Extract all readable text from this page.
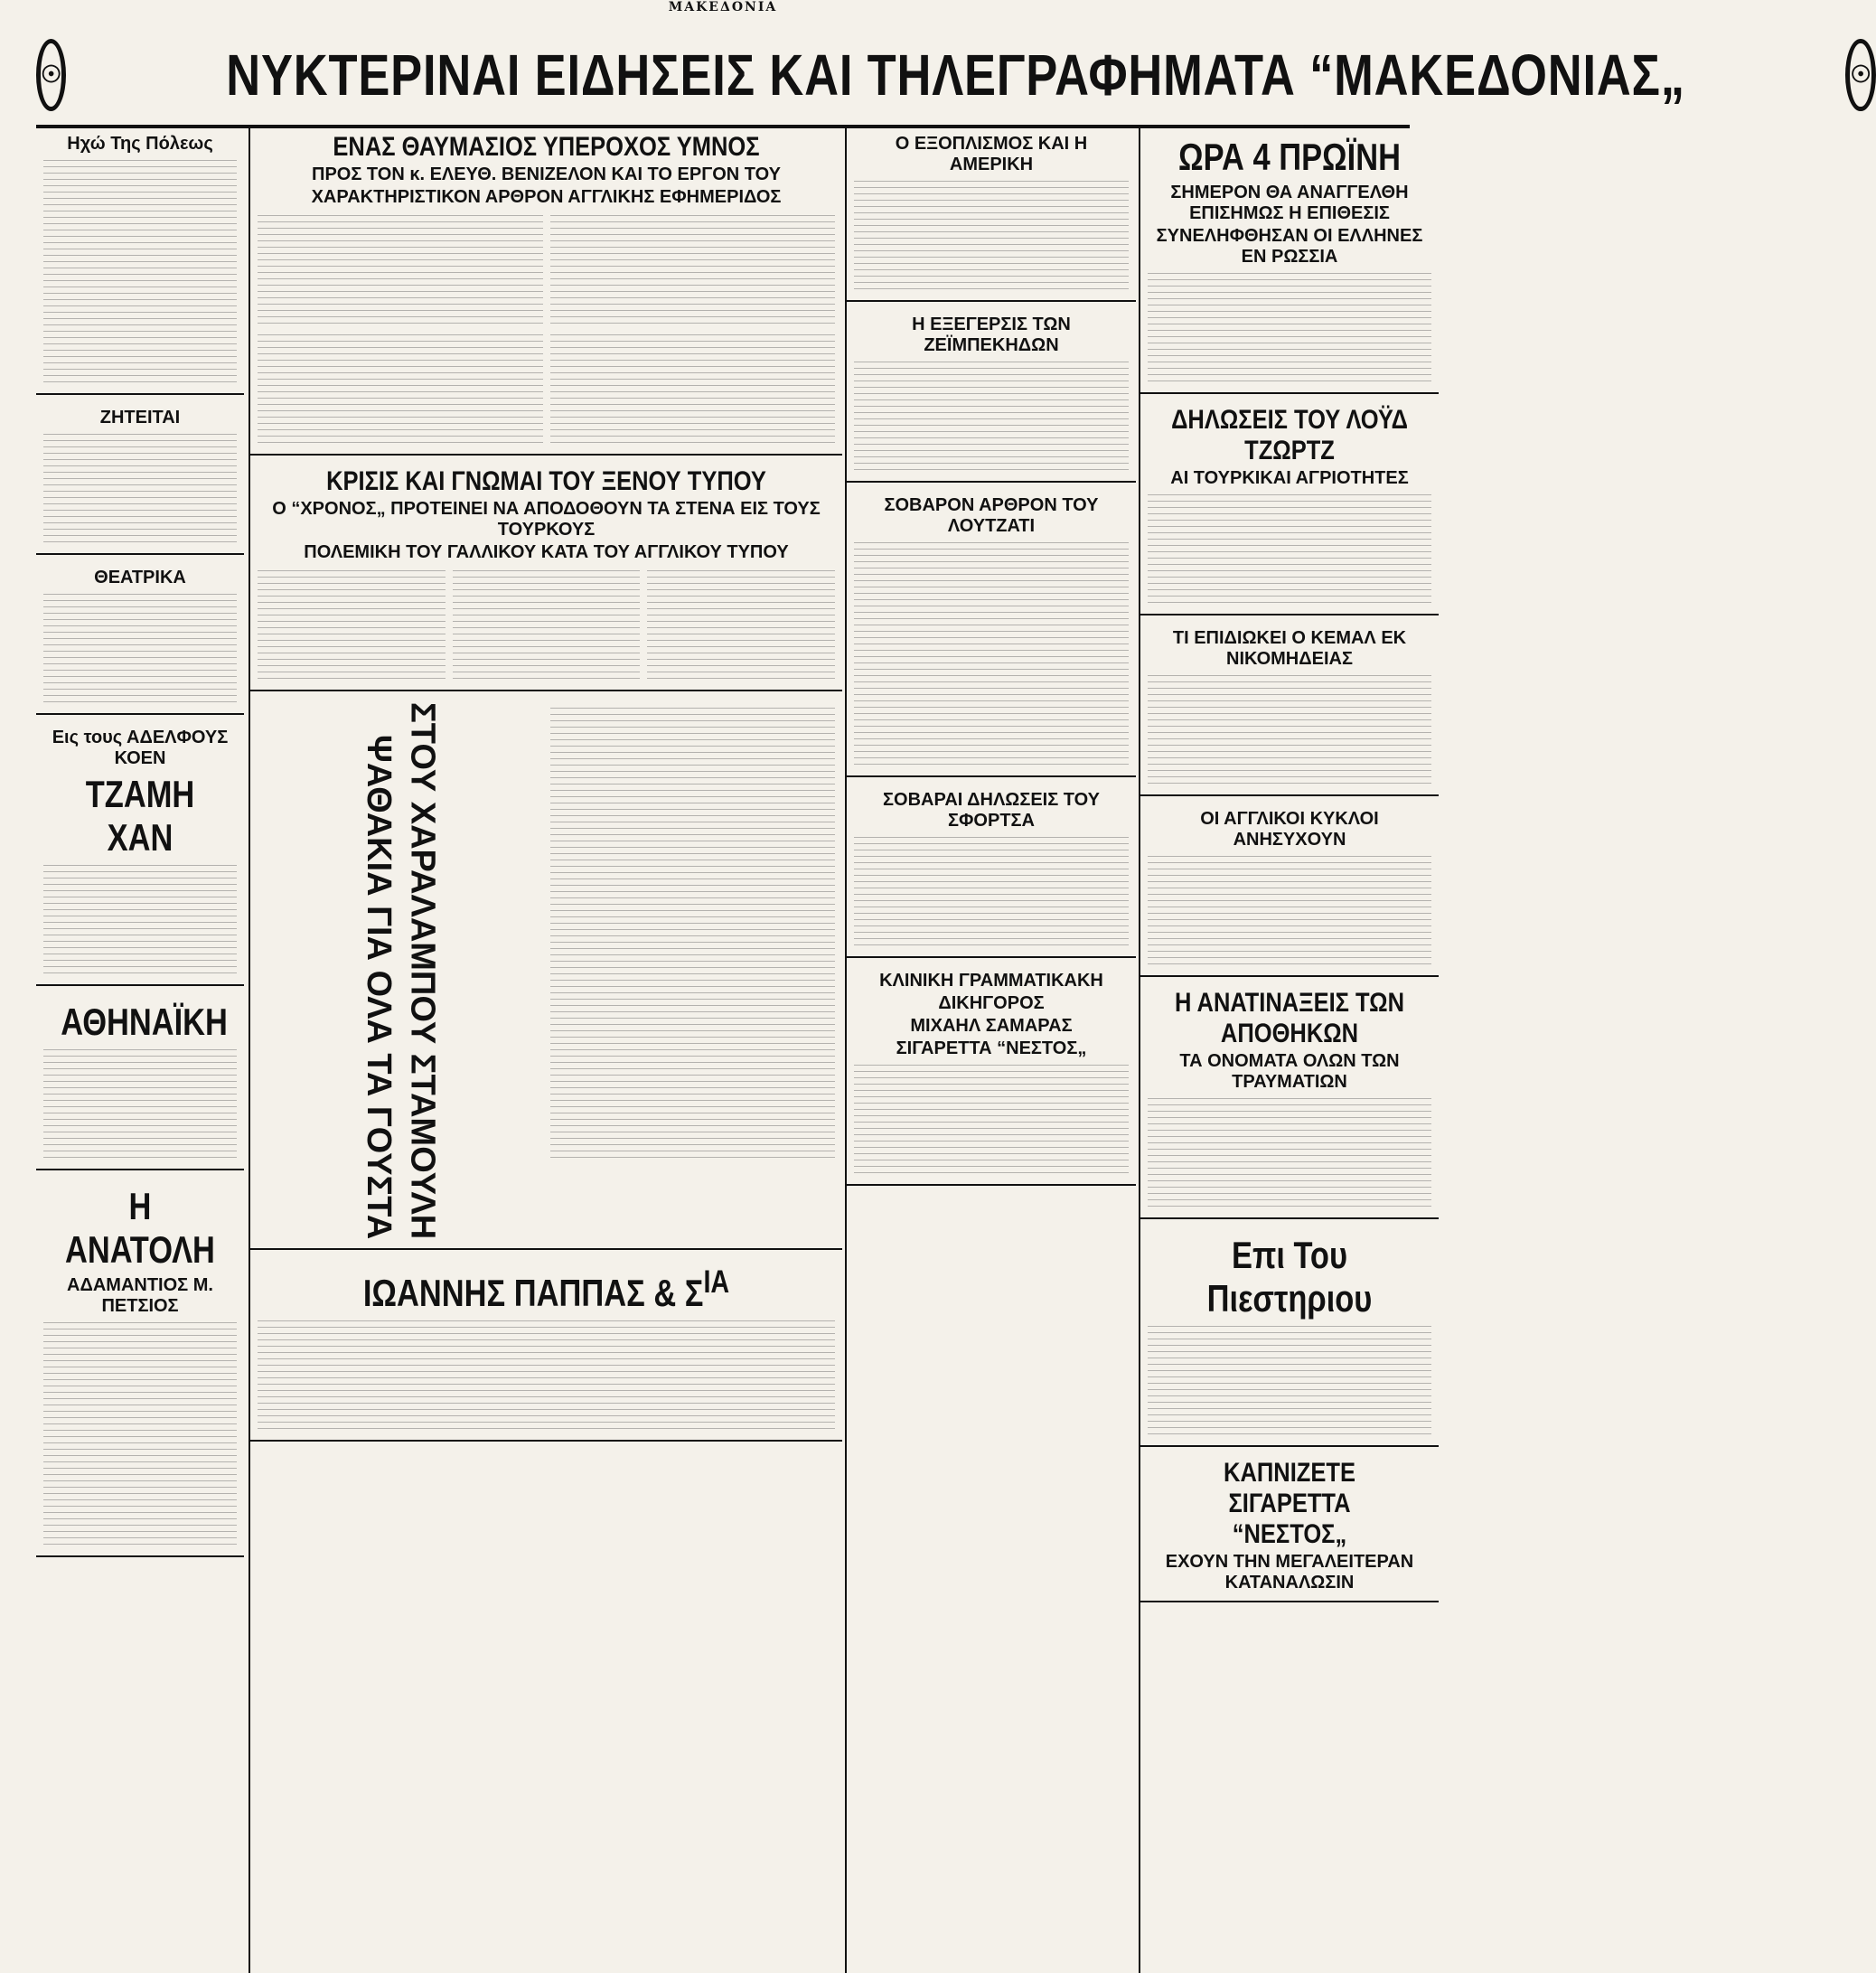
ΜΑΚΕΔΟΝΙΑ
☉	ΝΥΚΤΕΡΙΝΑΙ ΕΙΔΗΣΕΙΣ ΚΑΙ ΤΗΛΕΓΡΑΦΗΜΑΤΑ “ΜΑΚΕΔΟΝΙΑΣ„	☉
Ηχώ Της Πόλεως
ΖΗΤΕΙΤΑΙ
ΘΕΑΤΡΙΚΑ
Εις τους ΑΔΕΛΦΟΥΣ ΚΟΕΝ
ΤΖΑΜΗ ΧΑΝ
ΑΘΗΝΑΪΚΗ
Η ΑΝΑΤΟΛΗ
ΑΔΑΜΑΝΤΙΟΣ Μ. ΠΕΤΣΙΟΣ
ΕΝΑΣ ΘΑΥΜΑΣΙΟΣ ΥΠΕΡΟΧΟΣ ΥΜΝΟΣ
ΠΡΟΣ ΤΟΝ κ. ΕΛΕΥΘ. ΒΕΝΙΖΕΛΟΝ ΚΑΙ ΤΟ ΕΡΓΟΝ ΤΟΥ
ΧΑΡΑΚΤΗΡΙΣΤΙΚΟΝ ΑΡΘΡΟΝ ΑΓΓΛΙΚΗΣ ΕΦΗΜΕΡΙΔΟΣ
ΚΡΙΣΙΣ ΚΑΙ ΓΝΩΜΑΙ ΤΟΥ ΞΕΝΟΥ ΤΥΠΟΥ
Ο “ΧΡΟΝΟΣ„ ΠΡΟΤΕΙΝΕΙ ΝΑ ΑΠΟΔΟΘΟΥΝ ΤΑ ΣΤΕΝΑ ΕΙΣ ΤΟΥΣ ΤΟΥΡΚΟΥΣ
ΠΟΛΕΜΙΚΗ ΤΟΥ ΓΑΛΛΙΚΟΥ ΚΑΤΑ ΤΟΥ ΑΓΓΛΙΚΟΥ ΤΥΠΟΥ
ΨΑΘΑΚΙΑ ΓΙΑ ΟΛΑ ΤΑ ΓΟΥΣΤΑ ΣΤΟΥ ΧΑΡΑΛΑΜΠΟΥ ΣΤΑΜΟΥΛΗ
ΙΩΑΝΝΗΣ ΠΑΠΠΑΣ & $\Sigma^{IA}$
Ο ΕΞΟΠΛΙΣΜΟΣ ΚΑΙ Η ΑΜΕΡΙΚΗ
Η ΕΞΕΓΕΡΣΙΣ ΤΩΝ ΖΕΪΜΠΕΚΗΔΩΝ
ΣΟΒΑΡΟΝ ΑΡΘΡΟΝ ΤΟΥ ΛΟΥΤΖΑΤΙ
ΣΟΒΑΡΑΙ ΔΗΛΩΣΕΙΣ ΤΟΥ ΣΦΟΡΤΣΑ
ΚΛΙΝΙΚΗ ΓΡΑΜΜΑΤΙΚΑΚΗ
ΔΙΚΗΓΟΡΟΣ
ΜΙΧΑΗΛ ΣΑΜΑΡΑΣ
ΣΙΓΑΡΕΤΤΑ “ΝΕΣΤΟΣ„
ΩΡΑ 4 ΠΡΩΪΝΗ
ΣΗΜΕΡΟΝ ΘΑ ΑΝΑΓΓΕΛΘΗ ΕΠΙΣΗΜΩΣ Η ΕΠΙΘΕΣΙΣ
ΣΥΝΕΛΗΦΘΗΣΑΝ ΟΙ ΕΛΛΗΝΕΣ ΕΝ ΡΩΣΣΙΑ
ΔΗΛΩΣΕΙΣ ΤΟΥ ΛΟΫΔ ΤΖΩΡΤΖ
ΑΙ ΤΟΥΡΚΙΚΑΙ ΑΓΡΙΟΤΗΤΕΣ
ΤΙ ΕΠΙΔΙΩΚΕΙ Ο ΚΕΜΑΛ ΕΚ ΝΙΚΟΜΗΔΕΙΑΣ
ΟΙ ΑΓΓΛΙΚΟΙ ΚΥΚΛΟΙ ΑΝΗΣΥΧΟΥΝ
Η ΑΝΑΤΙΝΑΞΕΙΣ ΤΩΝ ΑΠΟΘΗΚΩΝ
ΤΑ ΟΝΟΜΑΤΑ ΟΛΩΝ ΤΩΝ ΤΡΑΥΜΑΤΙΩΝ
Επι Του Πιεστηριου
ΚΑΠΝΙΖΕΤΕ ΣΙΓΑΡΕΤΤΑ “ΝΕΣΤΟΣ„
ΕΧΟΥΝ ΤΗΝ ΜΕΓΑΛΕΙΤΕΡΑΝ ΚΑΤΑΝΑΛΩΣΙΝ
